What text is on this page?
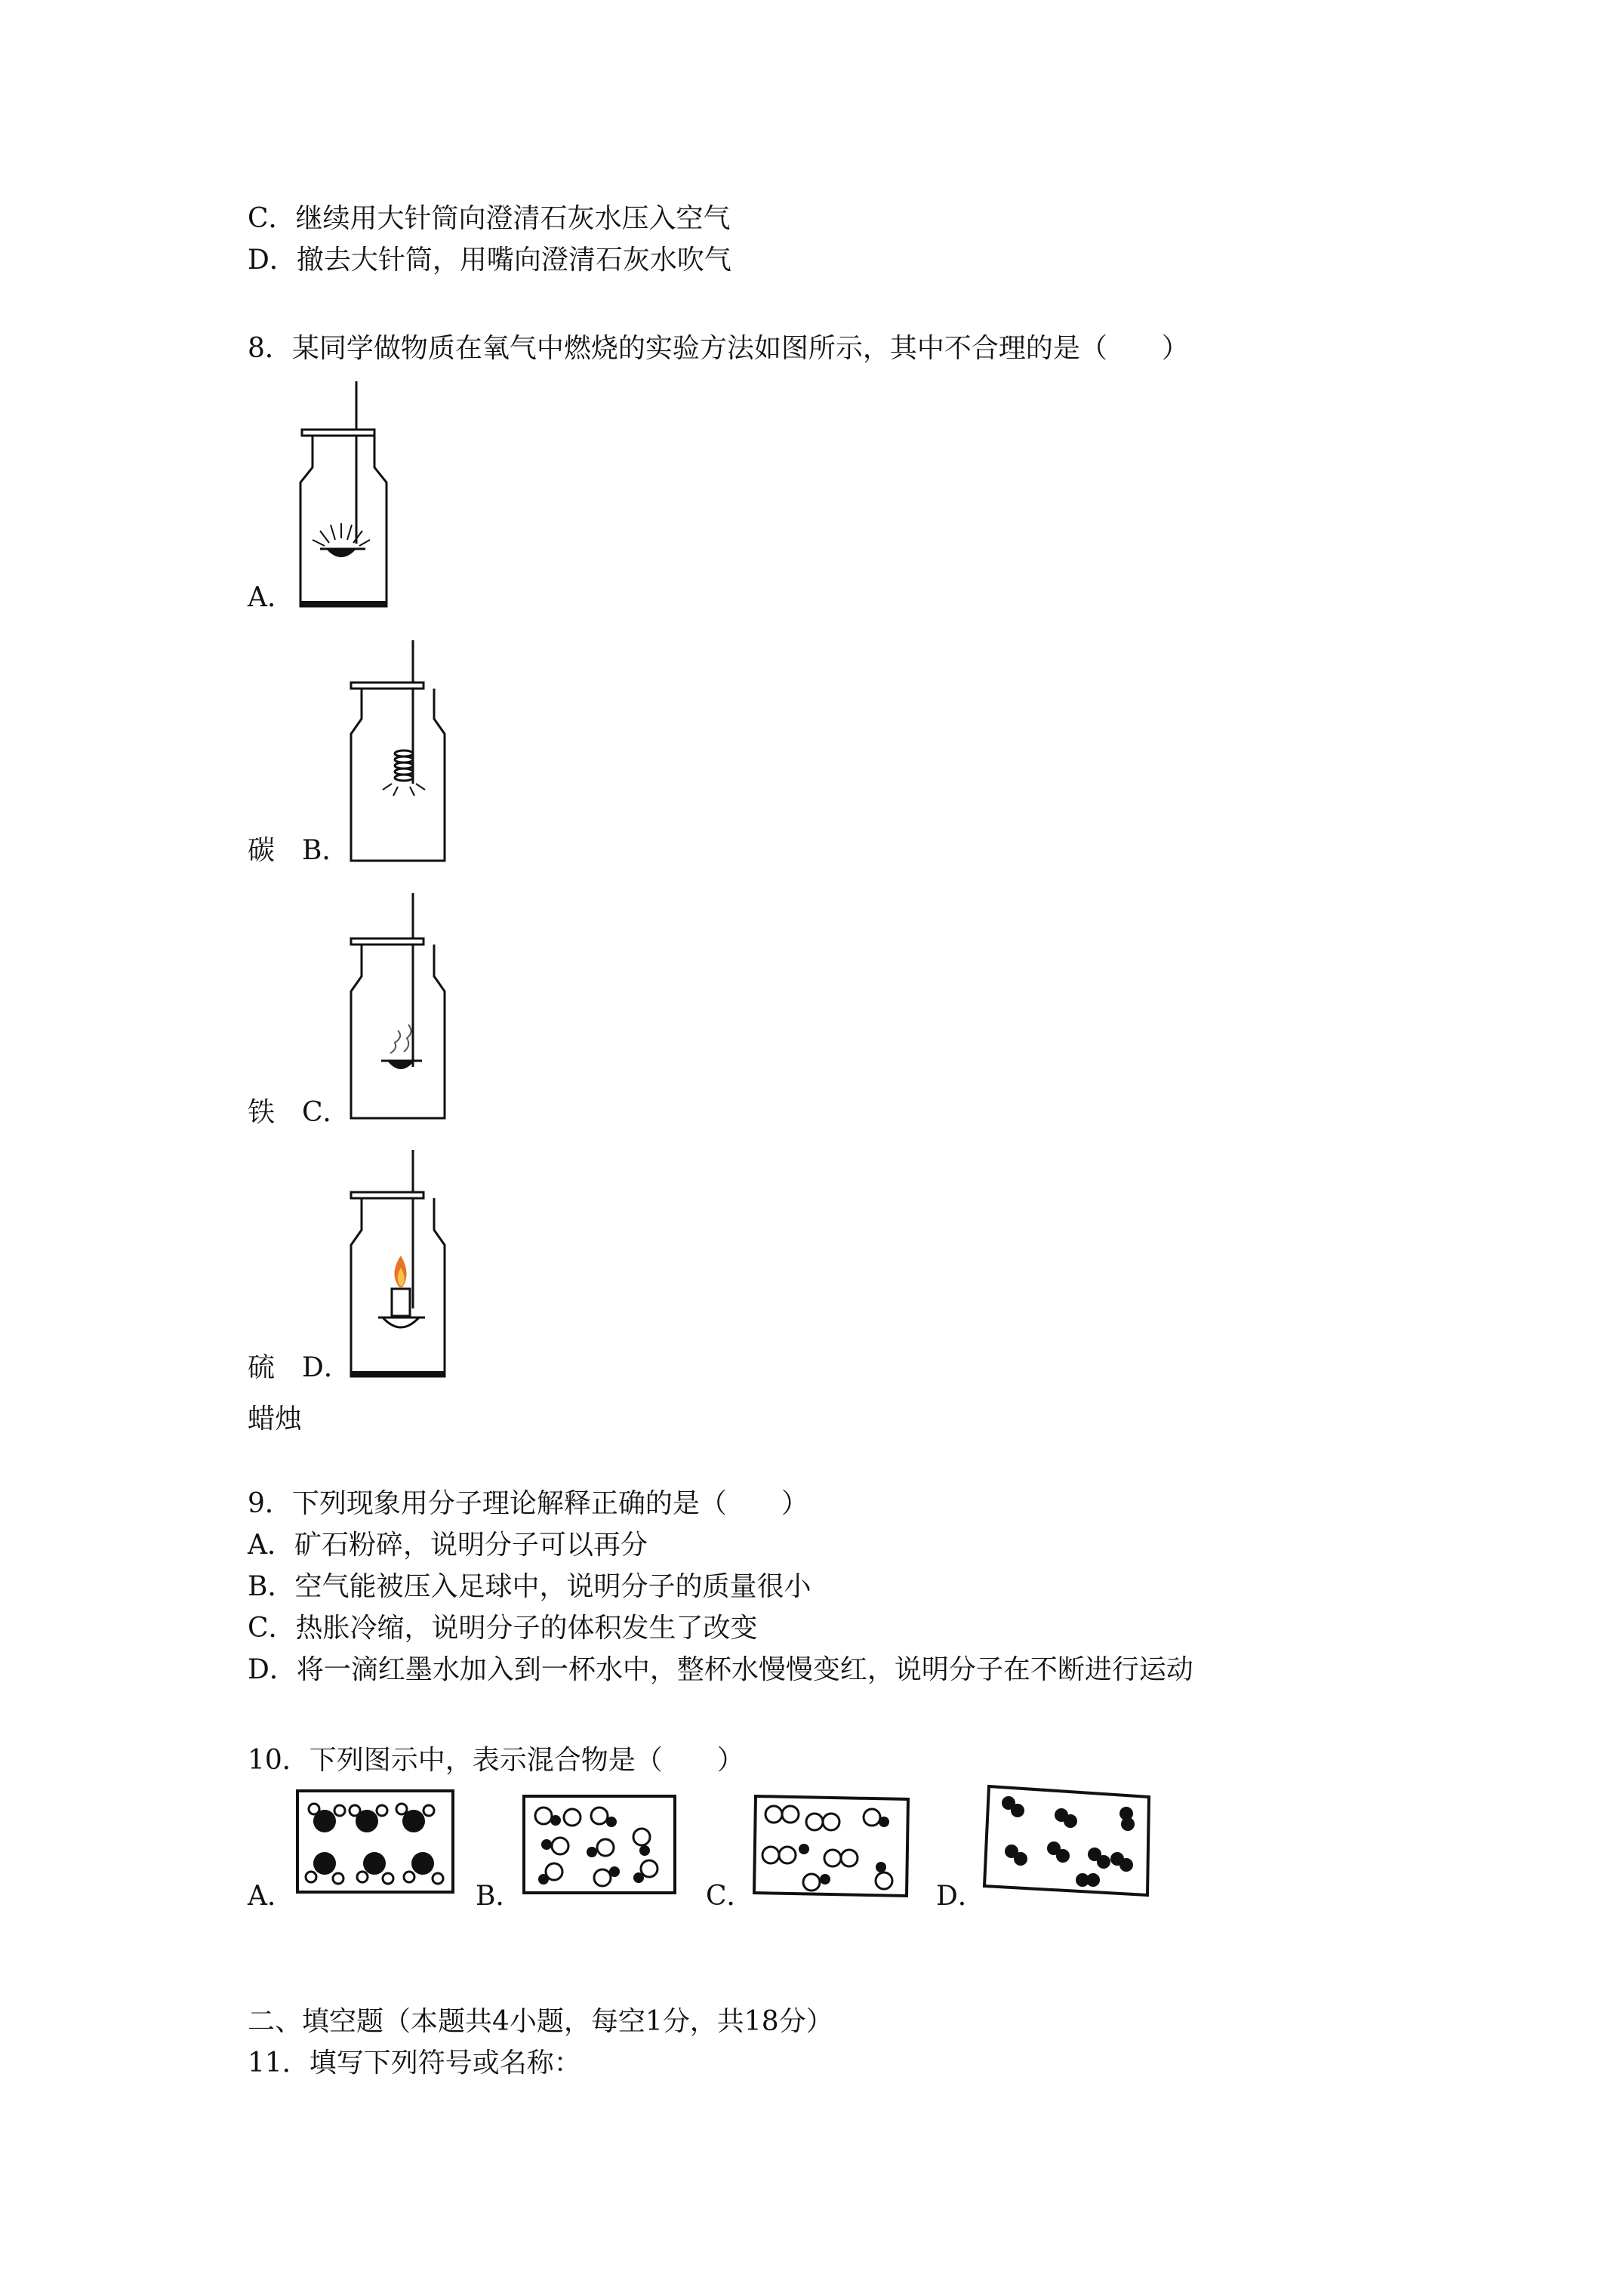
C．继续用大针筒向澄清石灰水压入空气
D．撤去大针筒，用嘴向澄清石灰水吹气
8．某同学做物质在氧气中燃烧的实验方法如图所示，其中不合理的是（　　）
A．
碳 B．
铁 C．
硫 D．
蜡烛
9．下列现象用分子理论解释正确的是（　　）
A．矿石粉碎，说明分子可以再分
B．空气能被压入足球中，说明分子的质量很小
C．热胀冷缩，说明分子的体积发生了改变
D．将一滴红墨水加入到一杯水中，整杯水慢慢变红，说明分子在不断进行运动
10．下列图示中，表示混合物是（　　）
A．	B．	C．	D．
二、填空题（本题共4小题，每空1分，共18分）
11．填写下列符号或名称：
